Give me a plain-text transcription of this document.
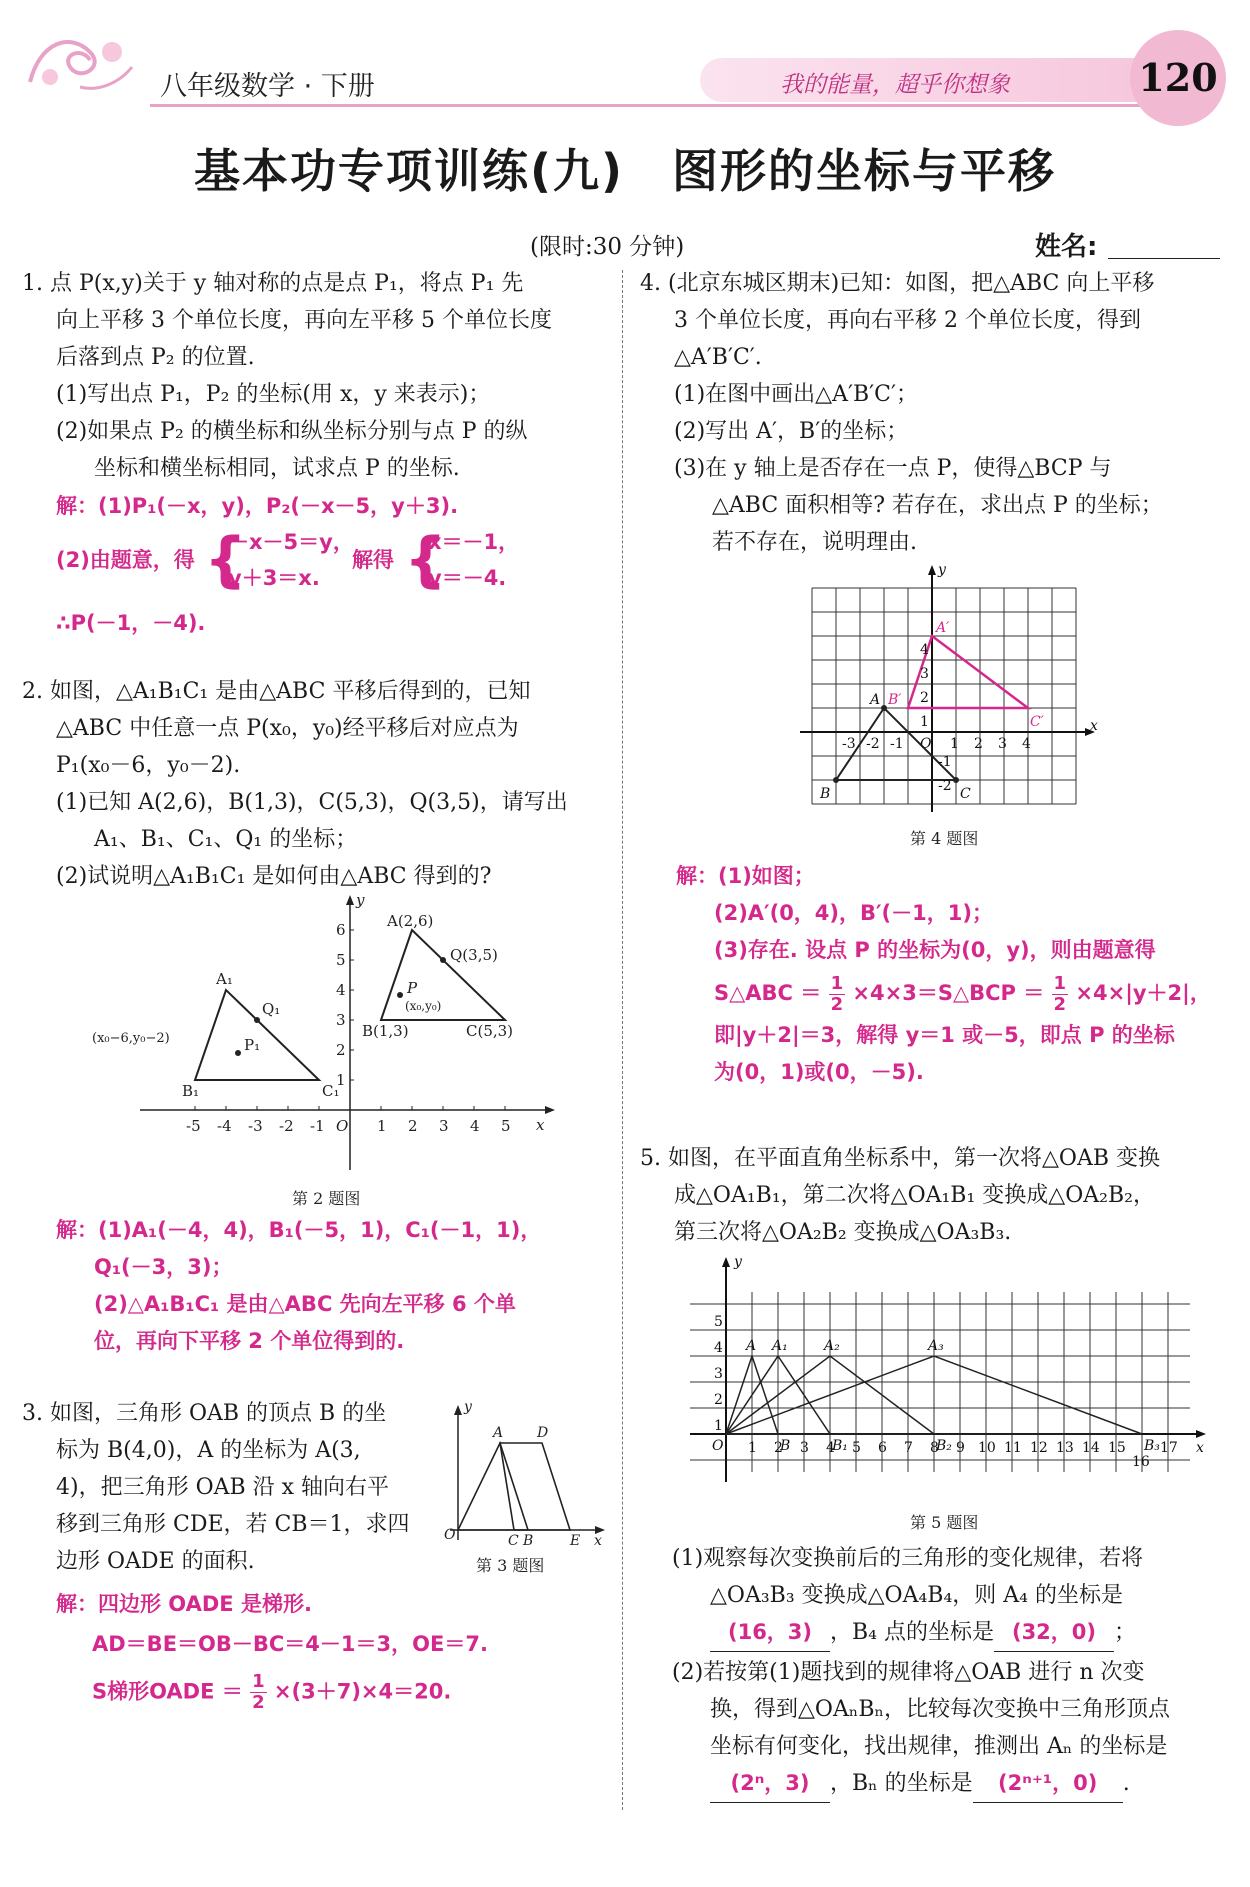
八年级数学 · 下册	我的能量，超乎你想象	120
基本功专项训练(九)　图形的坐标与平移
(限时:30 分钟)	姓名:
1. 点 P(x,y)关于 y 轴对称的点是点 P₁，将点 P₁ 先
向上平移 3 个单位长度，再向左平移 5 个单位长度
后落到点 P₂ 的位置.
(1)写出点 P₁，P₂ 的坐标(用 x，y 来表示)；
(2)如果点 P₂ 的横坐标和纵坐标分别与点 P 的纵
坐标和横坐标相同，试求点 P 的坐标.
解：(1)P₁(－x，y)，P₂(－x－5，y＋3).
(2)由题意，得 {
－x－5＝y，
y＋3＝x.
解得 {
x＝－1，
y＝－4.
∴P(－1，－4).
2. 如图，△A₁B₁C₁ 是由△ABC 平移后得到的，已知
△ABC 中任意一点 P(x₀，y₀)经平移后对应点为
P₁(x₀－6，y₀－2).
(1)已知 A(2,6)，B(1,3)，C(5,3)，Q(3,5)，请写出
A₁、B₁、C₁、Q₁ 的坐标；
(2)试说明△A₁B₁C₁ 是如何由△ABC 得到的?
A(2,6)
Q(3,5)
P
(x₀,y₀)
B(1,3)	C(5,3)
A₁
Q₁
P₁
(x₀−6,y₀−2)
B₁	C₁
y
x
O
-5 -4 -3 -2 -1	1 2 3 4 5
1
2
3
4
5
6
第 2 题图
解：(1)A₁(－4，4)，B₁(－5，1)，C₁(－1，1)，
Q₁(－3，3)；
(2)△A₁B₁C₁ 是由△ABC 先向左平移 6 个单
位，再向下平移 2 个单位得到的.
3. 如图，三角形 OAB 的顶点 B 的坐
标为 B(4,0)，A 的坐标为 A(3,
4)，把三角形 OAB 沿 x 轴向右平
移到三角形 CDE，若 CB＝1，求四
边形 OADE 的面积.
y
A D
O	C B	E x
第 3 题图
解：四边形 OADE 是梯形.
AD＝BE＝OB－BC＝4－1＝3，OE＝7.
S梯形OADE ＝ $\frac{1}{2} \times(3+7)\times 4=20$.
4. (北京东城区期末)已知：如图，把△ABC 向上平移
3 个单位长度，再向右平移 2 个单位长度，得到
△A′B′C′.
(1)在图中画出△A′B′C′；
(2)写出 A′，B′的坐标；
(3)在 y 轴上是否存在一点 P，使得△BCP 与
△ABC 面积相等? 若存在，求出点 P 的坐标；
若不存在，说明理由.
y
A′
A B′
C′
O
B	C
x
-3 -2 -1	1 2 3 4
1
2
3
4
-1
-2
第 4 题图
解：(1)如图；
(2)A′(0，4)，B′(－1，1)；
(3)存在. 设点 P 的坐标为(0，y)，则由题意得
S△ABC ＝ $\frac{1}{2}$ ×4×3＝S△BCP ＝ $\frac{1}{2} \times 4\times|y+2|$，
即|y＋2|＝3，解得 y＝1 或－5，即点 P 的坐标
为(0，1)或(0，－5).
5. 如图，在平面直角坐标系中，第一次将△OAB 变换
成△OA₁B₁，第二次将△OA₁B₁ 变换成△OA₂B₂，
第三次将△OA₂B₂ 变换成△OA₃B₃.
y
A A₁	A₂	A₃
B	B₁	B₂	B₃
O	x
1 2 3 4 5 6 7 8 9 10 11 12 13 14 15
16
17
1
2
3
4
5
第 5 题图
(1)观察每次变换前后的三角形的变化规律，若将
△OA₃B₃ 变换成△OA₄B₄，则 A₄ 的坐标是
(16，3) ，B₄ 点的坐标是 (32，0) ；
(2)若按第(1)题找到的规律将△OAB 进行 n 次变
换，得到△OAₙBₙ，比较每次变换中三角形顶点
坐标有何变化，找出规律，推测出 Aₙ 的坐标是
(2ⁿ，3) ，Bₙ 的坐标是 (2ⁿ⁺¹，0) .
